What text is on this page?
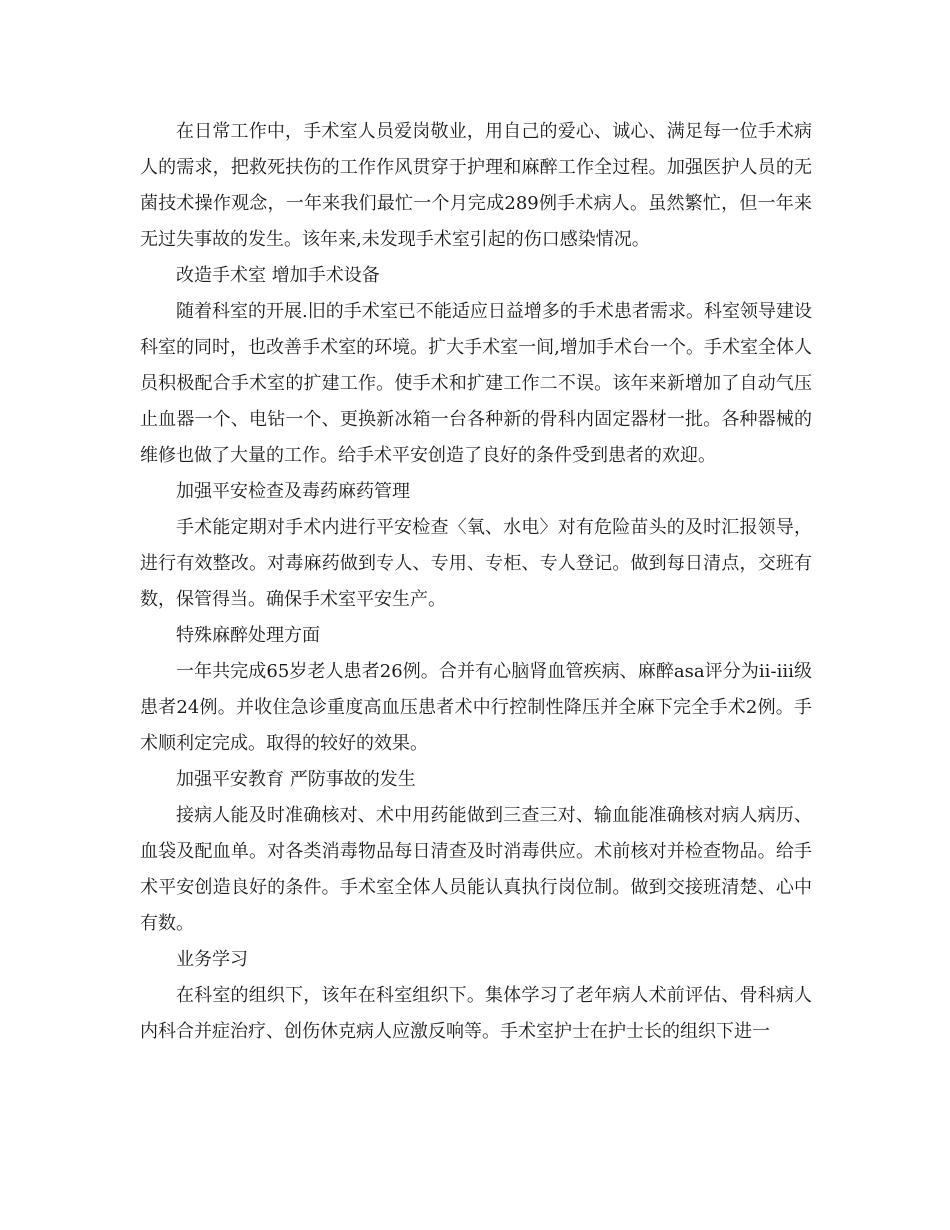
在日常工作中，手术室人员爱岗敬业，用自己的爱心、诚心、满足每一位手术病人的需求，把救死扶伤的工作作风贯穿于护理和麻醉工作全过程。加强医护人员的无菌技术操作观念，一年来我们最忙一个月完成289例手术病人。虽然繁忙，但一年来无过失事故的发生。该年来,未发现手术室引起的伤口感染情况。

改造手术室 增加手术设备

随着科室的开展.旧的手术室已不能适应日益增多的手术患者需求。科室领导建设科室的同时，也改善手术室的环境。扩大手术室一间,增加手术台一个。手术室全体人员积极配合手术室的扩建工作。使手术和扩建工作二不误。该年来新增加了自动气压止血器一个、电钻一个、更换新冰箱一台各种新的骨科内固定器材一批。各种器械的维修也做了大量的工作。给手术平安创造了良好的条件受到患者的欢迎。

加强平安检查及毒药麻药管理

手术能定期对手术内进行平安检查〈氧、水电〉对有危险苗头的及时汇报领导，进行有效整改。对毒麻药做到专人、专用、专柜、专人登记。做到每日清点，交班有数，保管得当。确保手术室平安生产。

特殊麻醉处理方面

一年共完成65岁老人患者26例。合并有心脑肾血管疾病、麻醉asa评分为ⅱ-ⅲ级患者24例。并收住急诊重度高血压患者术中行控制性降压并全麻下完全手术2例。手术顺利定完成。取得的较好的效果。

加强平安教育 严防事故的发生

接病人能及时准确核对、术中用药能做到三查三对、输血能准确核对病人病历、血袋及配血单。对各类消毒物品每日清查及时消毒供应。术前核对并检查物品。给手术平安创造良好的条件。手术室全体人员能认真执行岗位制。做到交接班清楚、心中有数。

业务学习

在科室的组织下，该年在科室组织下。集体学习了老年病人术前评估、骨科病人内科合并症治疗、创伤休克病人应激反响等。手术室护士在护士长的组织下进一
